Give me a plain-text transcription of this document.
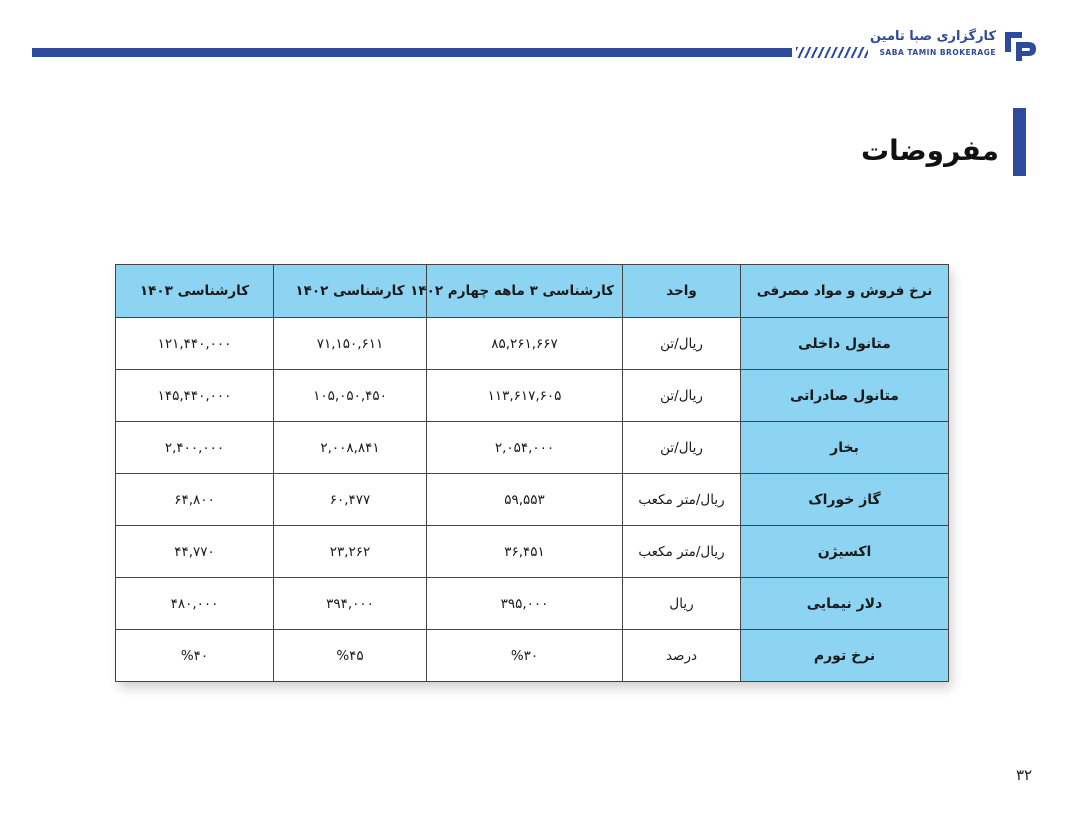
کارگزاری صبا تامین
SABA TAMIN BROKERAGE
مفروضات
نرخ فروش و مواد مصرفی	واحد	کارشناسی ۳ ماهه چهارم ۱۴۰۲	کارشناسی ۱۴۰۲	کارشناسی ۱۴۰۳
متانول داخلی	ریال/تن	۸۵,۲۶۱,۶۶۷	۷۱,۱۵۰,۶۱۱	۱۲۱,۴۴۰,۰۰۰
متانول صادراتی	ریال/تن	۱۱۳,۶۱۷,۶۰۵	۱۰۵,۰۵۰,۴۵۰	۱۴۵,۴۴۰,۰۰۰
بخار	ریال/تن	۲,۰۵۴,۰۰۰	۲,۰۰۸,۸۴۱	۲,۴۰۰,۰۰۰
گاز خوراک	ریال/متر مکعب	۵۹,۵۵۳	۶۰,۴۷۷	۶۴,۸۰۰
اکسیژن	ریال/متر مکعب	۳۶,۴۵۱	۲۳,۲۶۲	۴۴,۷۷۰
دلار نیمایی	ریال	۳۹۵,۰۰۰	۳۹۴,۰۰۰	۴۸۰,۰۰۰
نرخ تورم	درصد	%۳۰	%۴۵	%۴۰
۳۲
